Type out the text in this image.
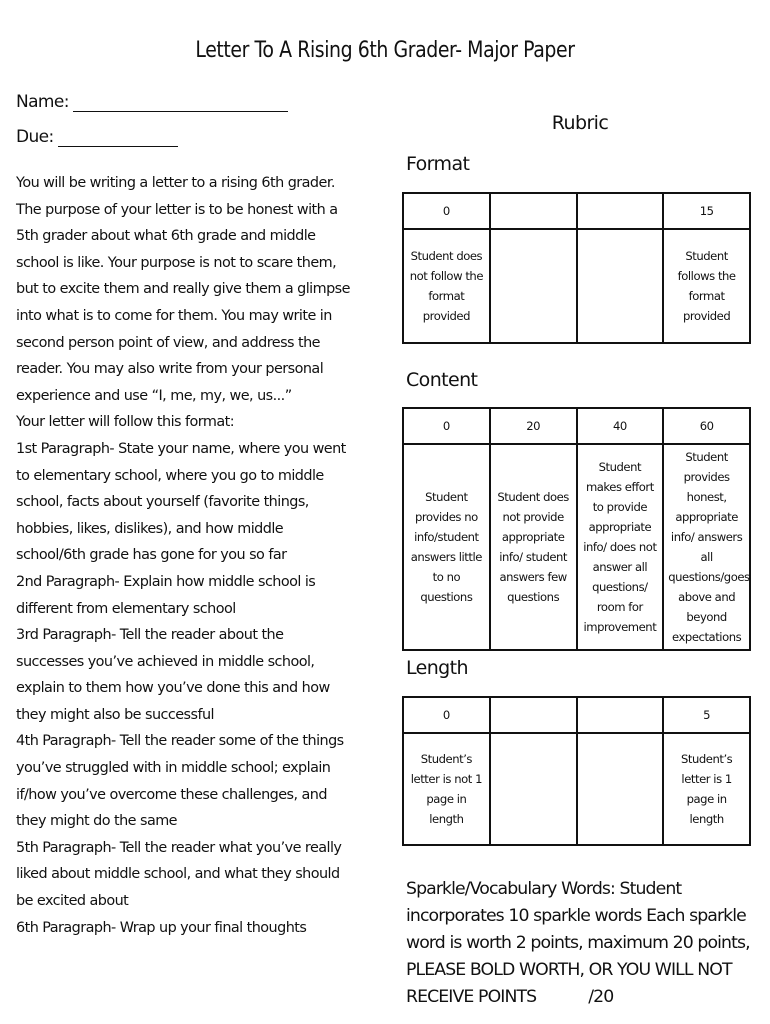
Letter To A Rising 6th Grader- Major Paper
Name:
Due:

You will be writing a letter to a rising 6th grader. The purpose of your letter is to be honest with a 5th grader about what 6th grade and middle school is like. Your purpose is not to scare them, but to excite them and really give them a glimpse into what is to come for them. You may write in second person point of view, and address the reader. You may also write from your personal experience and use “I, me, my, we, us...”

Your letter will follow this format:

1st Paragraph- State your name, where you went to elementary school, where you go to middle school, facts about yourself (favorite things, hobbies, likes, dislikes), and how middle school/6th grade has gone for you so far

2nd Paragraph- Explain how middle school is different from elementary school

3rd Paragraph- Tell the reader about the successes you’ve achieved in middle school, explain to them how you’ve done this and how they might also be successful

4th Paragraph- Tell the reader some of the things you’ve struggled with in middle school; explain if/how you’ve overcome these challenges, and they might do the same

5th Paragraph- Tell the reader what you’ve really liked about middle school, and what they should be excited about

6th Paragraph- Wrap up your final thoughts

Rubric
Format
0			15
Student does not follow the format provided			Student follows the format provided
Content
0	20	40	60
Student provides no info/student answers little to no questions	Student does not provide appropriate info/ student answers few questions	Student makes effort to provide appropriate info/ does not answer all questions/ room for improvement	Student provides honest, appropriate info/ answers all questions/goes above and beyond expectations
Length
0			5
Student’s letter is not 1 page in length			Student’s letter is 1 page in length
Sparkle/Vocabulary Words: Student incorporates 10 sparkle words Each sparkle word is worth 2 points, maximum 20 points, PLEASE BOLD WORTH, OR YOU WILL NOT RECEIVE POINTS	/20
